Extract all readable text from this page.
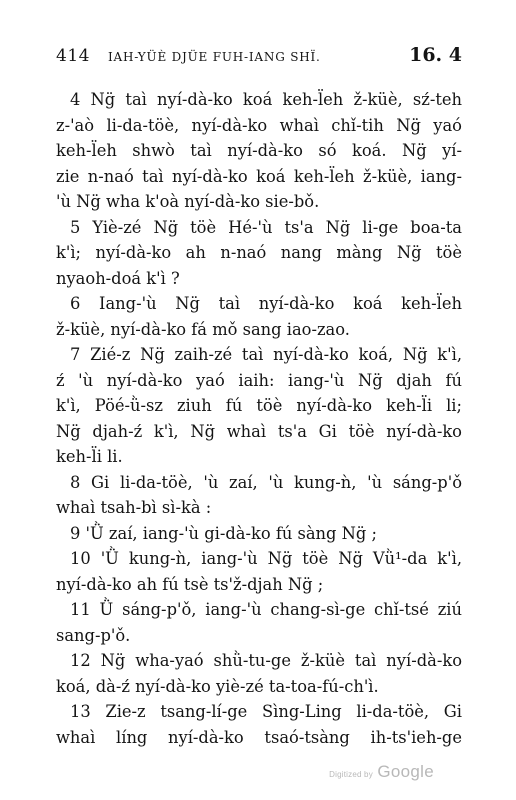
414 IAH-YÜÈ DJÜE FUH-IANG SHÏ.	16. 4
4 Ng̈ taì nyí-dà-ko koá keh-l̈eh ž-küè, sź-teh
z-'aò li-da-töè, nyí-dà-ko whaì chǐ-tih Ng̈ yaó
keh-l̈eh shwò taì nyí-dà-ko só koá. Ng̈ yí-
zie n-naó taì nyí-dà-ko koá keh-l̈eh ž-küè, iang-
'ù Ng̈ wha k'oà nyí-dà-ko sie-bǒ.
5 Yiè-zé Ng̈ töè Hé-'ù ts'a Ng̈ li-ge boa-ta
k'ì; nyí-dà-ko ah n-naó nang màng Ng̈ töè
nyaoh-doá k'ì ?
6 Iang-'ù Ng̈ taì nyí-dà-ko koá keh-l̈eh
ž-küè, nyí-dà-ko fá mǒ sang iao-zao.
7 Zié-z Ng̈ zaih-zé taì nyí-dà-ko koá, Ng̈ k'ì,
ź 'ù nyí-dà-ko yaó iaih: iang-'ù Ng̈ djah fú
k'ì, Pöé-ǜ-sz ziuh fú töè nyí-dà-ko keh-l̈i li;
Ng̈ djah-ź k'ì, Ng̈ whaì ts'a Gi töè nyí-dà-ko
keh-l̈i li.
8 Gi li-da-töè, 'ù zaí, 'ù kung-ǹ, 'ù sáng-p'ǒ
whaì tsah-bì sì-kà :
9 'Ǜ zaí, iang-'ù gi-dà-ko fú sàng Ng̈ ;
10 'Ǜ kung-ǹ, iang-'ù Ng̈ töè Ng̈ Vǜ¹-da k'ì,
nyí-dà-ko ah fú tsè ts'ž-djah Ng̈ ;
11 Ǜ sáng-p'ǒ, iang-'ù chang-sì-ge chǐ-tsé ziú
sang-p'ǒ.
12 Ng̈ wha-yaó shǜ-tu-ge ž-küè taì nyí-dà-ko
koá, dà-ź nyí-dà-ko yiè-zé ta-toa-fú-ch'ì.
13 Zie-z tsang-lí-ge Sìng-Ling li-da-töè, Gi
whaì líng nyí-dà-ko tsaó-tsàng ih-ts'ieh-ge
Digitized by Google
